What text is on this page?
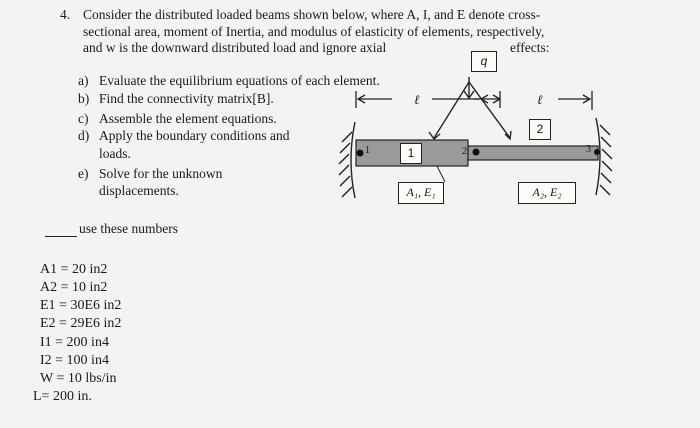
4. Consider the distributed loaded beams shown below, where A, I, and E denote cross-
sectional area, moment of Inertia, and modulus of elasticity of elements, respectively,
and w is the downward distributed load and ignore axial	effects:
a) Evaluate the equilibrium equations of each element.
b) Find the connectivity matrix[B].
c) Assemble the element equations.
d) Apply the boundary conditions and
loads.
e) Solve for the unknown
displacements.
use these numbers
A1 = 20 in2
A2 = 10 in2
E1 = 30E6 in2
E2 = 29E6 in2
I1 = 200 in4
I2 = 100 in4
W = 10 lbs/in
L= 200 in.
q
ℓ	ℓ
1
2
1	2	3
A₁, E₁	A₂, E₂
